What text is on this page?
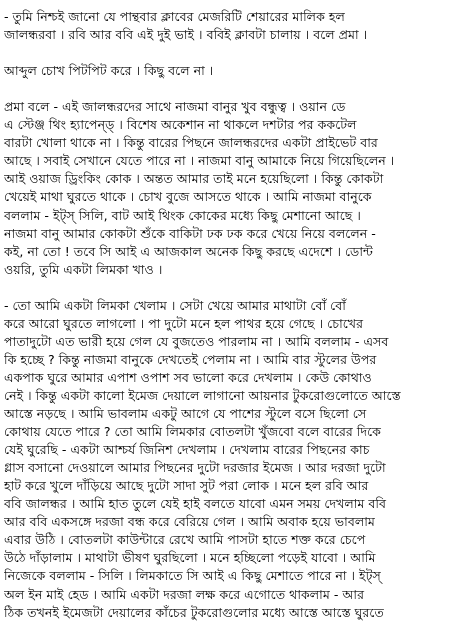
- তুমি নিশ্চই জানো যে পান্থবার ক্লাবের মেজরিটি শেয়ারের মালিক হল
জালন্ধরবা । রবি আর ববি এই দুই ভাই । ববিই ক্লাবটা চালায় । বলে প্রমা ।
আব্দুল চোখ পিটপিট করে । কিছু বলে না ।
প্রমা বলে - এই জালন্ধরদের সাথে নাজমা বানুর খুব বন্ধুত্ব । ওয়ান ডে
এ স্টেঞ্জ থিং হ্যাপেন্ড্‌ । বিশেষ অকেশান না থাকলে দশটার পর ককটেল
বারটা খোলা থাকে না । কিন্তু বারের পিছনে জালন্ধরদের একটা প্রাইভেট বার
আছে । সবাই সেখানে যেতে পারে না । নাজমা বানু আমাকে নিয়ে গিয়েছিলেন ।
আই ওয়াজ ড্রিংকিং কোক । অন্তত আমার তাই মনে হয়েছিলো । কিন্তু কোকটা
খেয়েই মাথা ঘুরতে থাকে । চোখ বুজে আসতে থাকে । আমি নাজমা বানুকে
বললাম - ইট্‌স্‌ সিলি, বাট আই থিংক কোকের মধ্যে কিছু মেশানো আছে ।
নাজমা বানু আমার কোকটা শুঁকে বাকিটা ঢক ঢক করে খেয়ে নিয়ে বললেন -
কই, না তো ! তবে সি আই এ আজকাল অনেক কিছু করছে এদেশে । ডোন্ট
ওয়রি, তুমি একটা লিমকা খাও ।
- তো আমি একটা লিমকা খেলাম । সেটা খেয়ে আমার মাথাটা বোঁ বোঁ
করে আরো ঘুরতে লাগলো । পা দুটো মনে হল পাথর হয়ে গেছে । চোখের
পাতাদুটো এত ভারী হয়ে গেল যে বুজতেও পারলাম না । আমি বললাম - এসব
কি হচ্ছে ? কিন্তু নাজমা বানুকে দেখতেই পেলাম না । আমি বার স্টুলের উপর
একপাক ঘুরে আমার এপাশ ওপাশ সব ভালো করে দেখলাম । কেউ কোথাও
নেই । কিন্তু একটা কালো ইমেজ দেয়ালে লাগানো আয়নার টুকরোগুলোতে আস্তে
আস্তে নড়ছে । আমি ভাবলাম একটু আগে যে পাশের স্টুলে বসে ছিলো সে
কোথায় যেতে পারে ? তো আমি লিমকার বোতলটা খুঁজবো বলে বারের দিকে
যেই ঘুরেছি - একটা আশ্চর্য জিনিশ দেখলাম । দেখলাম বারের পিছনের কাচ
গ্লাস বসানো দেওয়ালে আমার পিছনের দুটো দরজার ইমেজ । আর দরজা দুটো
হাট করে খুলে দাঁড়িয়ে আছে দুটো সাদা সুট পরা লোক । মনে হল রবি আর
ববি জালন্ধর । আমি হাত তুলে যেই হাই বলতে যাবো এমন সময় দেখলাম ববি
আর ববি একসঙ্গে দরজা বন্ধ করে বেরিয়ে গেল । আমি অবাক হয়ে ভাবলাম
এবার উঠি । বোতলটা কাউন্টারে রেখে আমি পাসটা হাতে শক্ত করে চেপে
উঠে দাঁড়ালাম । মাথাটা ভীষণ ঘুরছিলো । মনে হচ্ছিলো পড়েই যাবো । আমি
নিজেকে বললাম - সিলি । লিমকাতে সি আই এ কিছু মেশাতে পারে না । ইট্‌স্‌
অল ইন মাই হেড । আমি একটা দরজা লক্ষ করে এগোতে থাকলাম - আর
ঠিক তখনই ইমেজটা দেয়ালের কাঁচের টুকরোগুলোর মধ্যে আস্তে আস্তে ঘুরতে
